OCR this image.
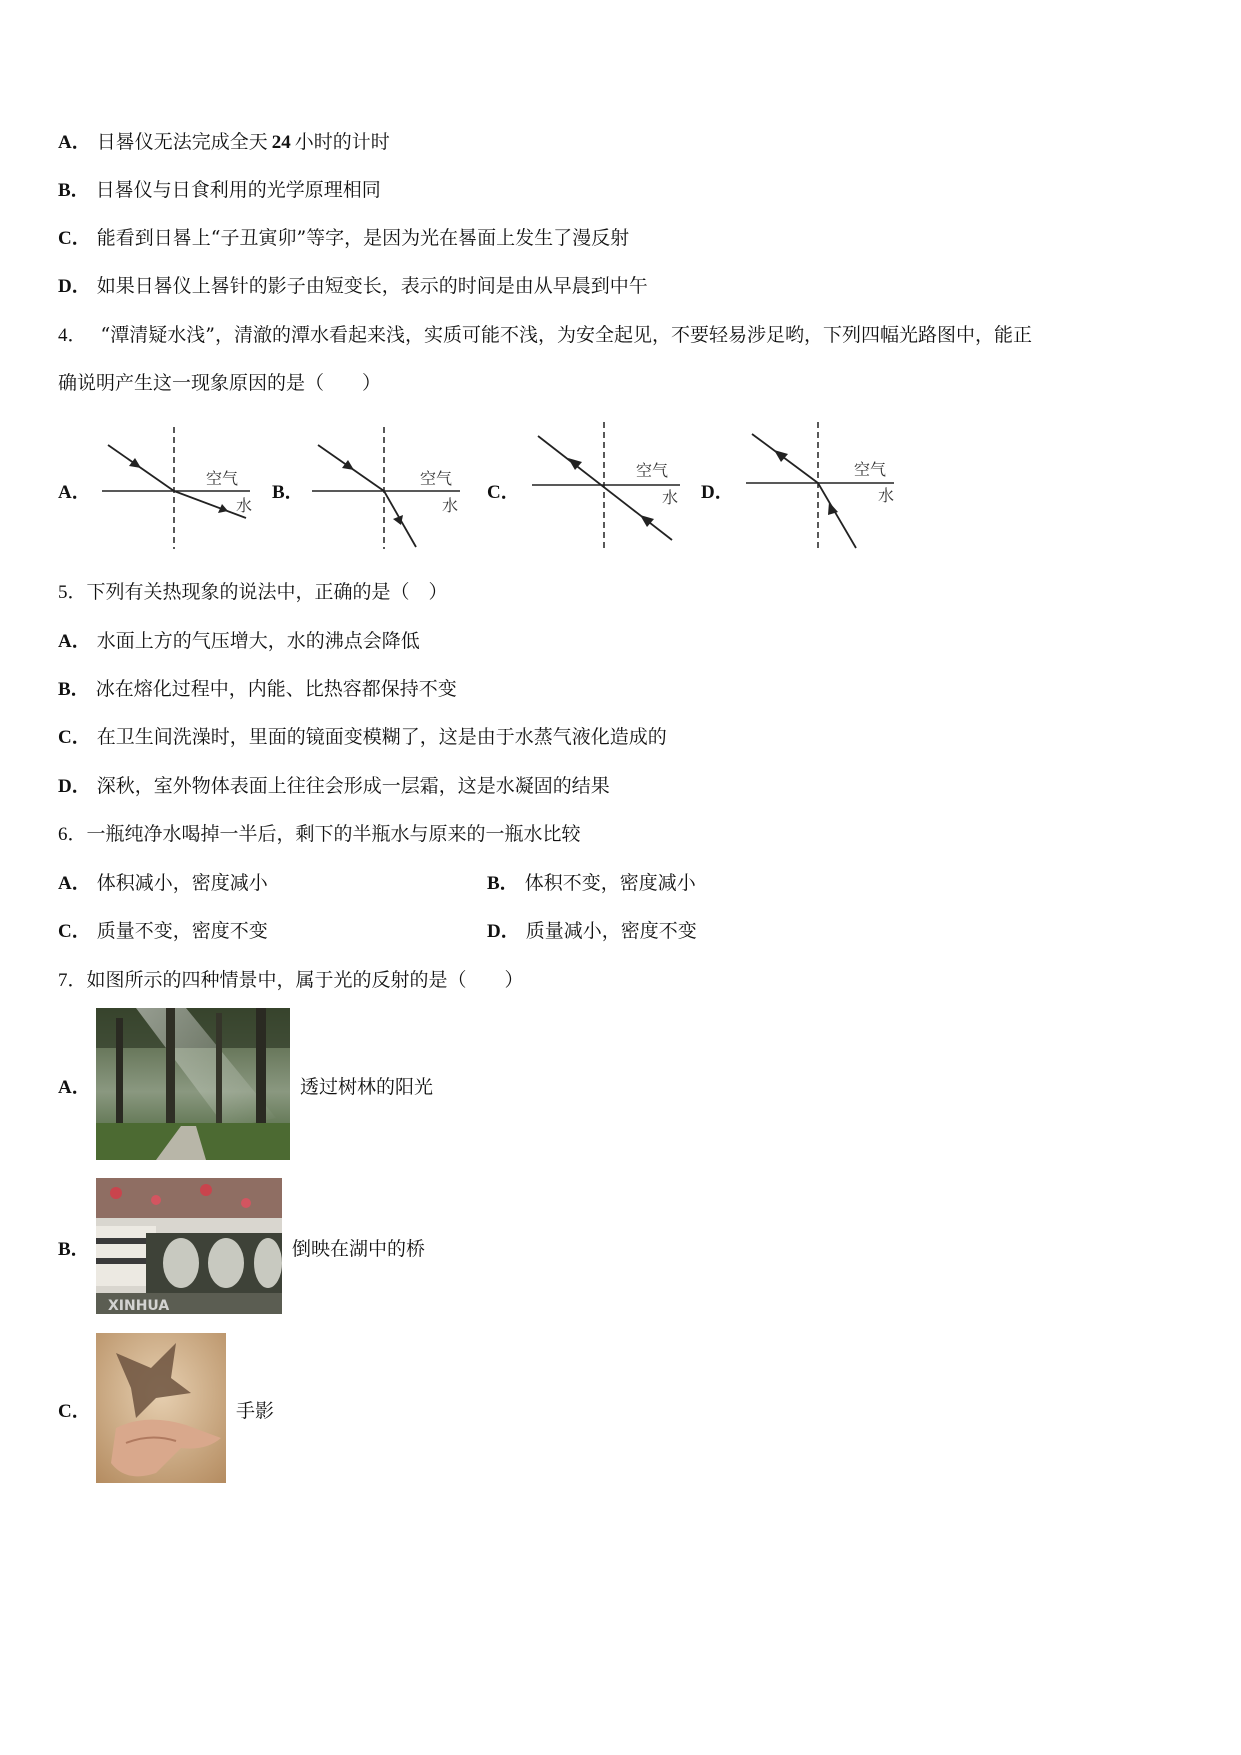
A． 日晷仪无法完成全天 24 小时的计时
B． 日晷仪与日食利用的光学原理相同
C． 能看到日晷上“子丑寅卯”等字，是因为光在晷面上发生了漫反射
D． 如果日晷仪上晷针的影子由短变长，表示的时间是由从早晨到中午
4． “潭清疑水浅”，清澈的潭水看起来浅，实质可能不浅，为安全起见，不要轻易涉足哟，下列四幅光路图中，能正
确说明产生这一现象原因的是（　　）
A．
空气
水
B．
空气
水
C．
空气
水 D．
空气
水
5．下列有关热现象的说法中，正确的是（　）
A． 水面上方的气压增大，水的沸点会降低
B． 冰在熔化过程中，内能、比热容都保持不变
C． 在卫生间洗澡时，里面的镜面变模糊了，这是由于水蒸气液化造成的
D． 深秋，室外物体表面上往往会形成一层霜，这是水凝固的结果
6．一瓶纯净水喝掉一半后，剩下的半瓶水与原来的一瓶水比较
A． 体积减小，密度减小	B． 体积不变，密度减小
C． 质量不变，密度不变	D． 质量减小，密度不变
7．如图所示的四种情景中，属于光的反射的是（　　）
A．	透过树林的阳光
B．
XINHUA
倒映在湖中的桥
C．	手影
